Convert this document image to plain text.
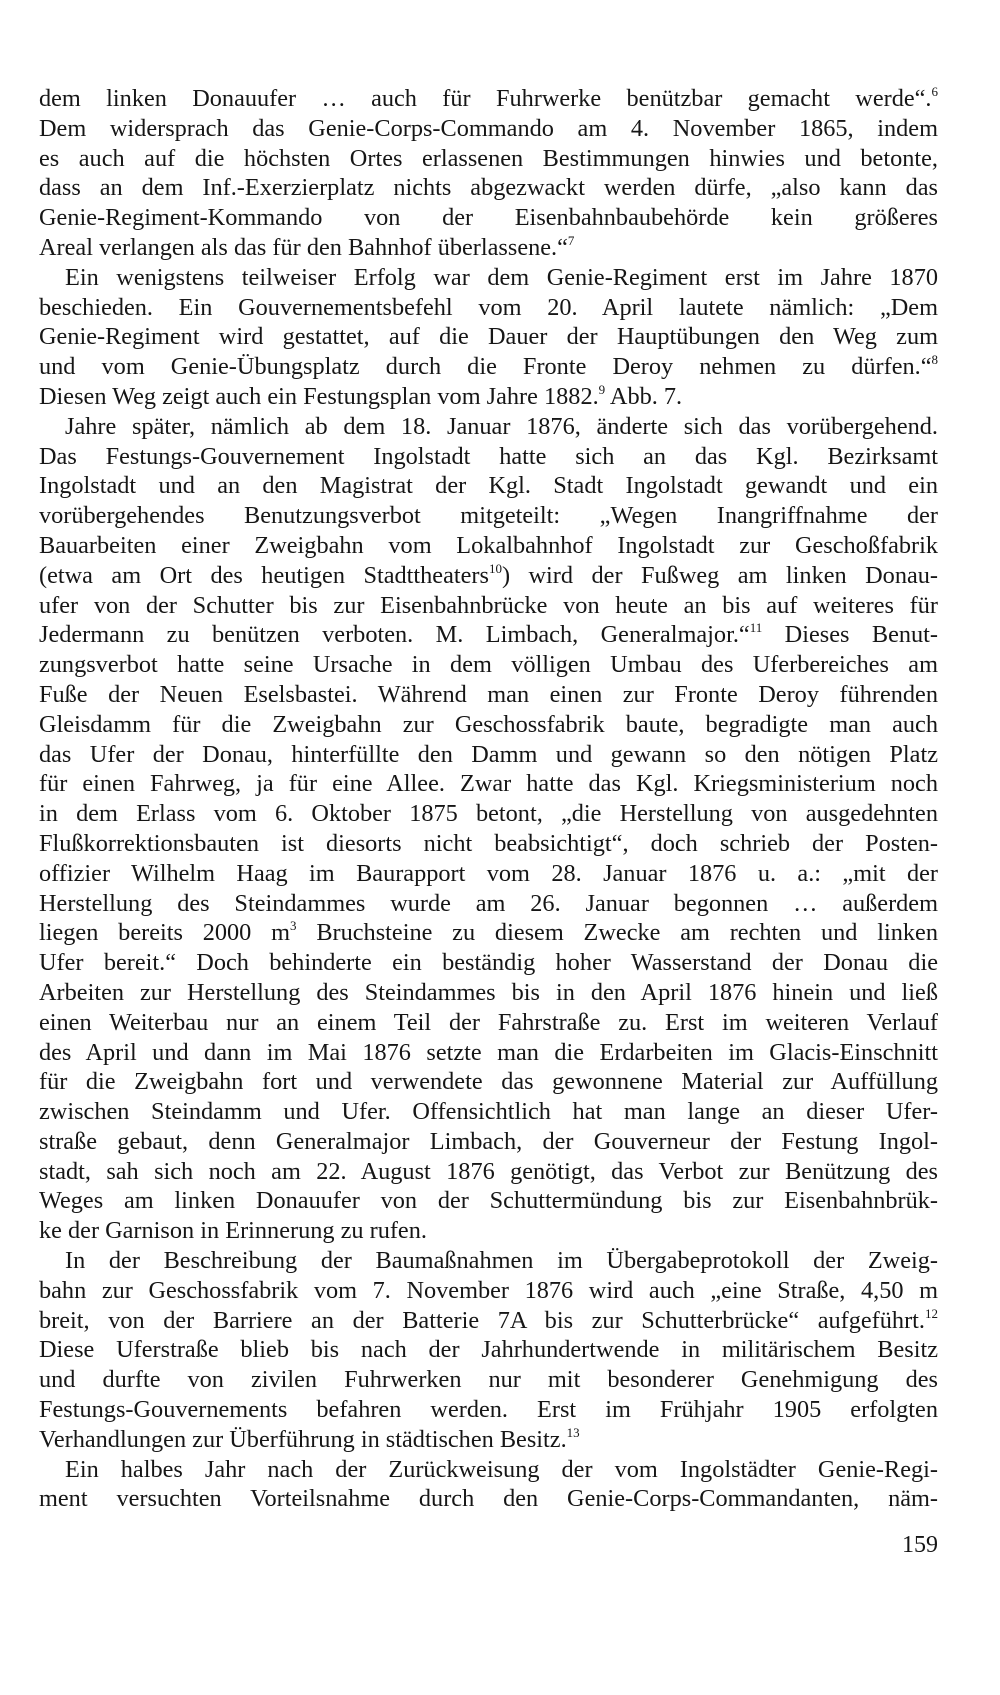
dem linken Donauufer … auch für Fuhrwerke benützbar gemacht werde“.$^6$
Dem widersprach das Genie-Corps-Commando am 4. November 1865, indem
es auch auf die höchsten Ortes erlassenen Bestimmungen hinwies und betonte,
dass an dem Inf.-Exerzierplatz nichts abgezwackt werden dürfe, „also kann das
Genie-Regiment-Kommando von der Eisenbahnbaubehörde kein größeres
Areal verlangen als das für den Bahnhof überlassene.“$^7$
Ein wenigstens teilweiser Erfolg war dem Genie-Regiment erst im Jahre 1870
beschieden. Ein Gouvernementsbefehl vom 20. April lautete nämlich: „Dem
Genie-Regiment wird gestattet, auf die Dauer der Hauptübungen den Weg zum
und vom Genie-Übungsplatz durch die Fronte Deroy nehmen zu dürfen.“$^8$
Diesen Weg zeigt auch ein Festungsplan vom Jahre 1882.$^9$ Abb. 7.
Jahre später, nämlich ab dem 18. Januar 1876, änderte sich das vorübergehend.
Das Festungs-Gouvernement Ingolstadt hatte sich an das Kgl. Bezirksamt
Ingolstadt und an den Magistrat der Kgl. Stadt Ingolstadt gewandt und ein
vorübergehendes Benutzungsverbot mitgeteilt: „Wegen Inangriffnahme der
Bauarbeiten einer Zweigbahn vom Lokalbahnhof Ingolstadt zur Geschoßfabrik
(etwa am Ort des heutigen Stadttheaters$^{10}$) wird der Fußweg am linken Donau-
ufer von der Schutter bis zur Eisenbahnbrücke von heute an bis auf weiteres für
Jedermann zu benützen verboten. M. Limbach, Generalmajor.“$^{11}$ Dieses Benut-
zungsverbot hatte seine Ursache in dem völligen Umbau des Uferbereiches am
Fuße der Neuen Eselsbastei. Während man einen zur Fronte Deroy führenden
Gleisdamm für die Zweigbahn zur Geschossfabrik baute, begradigte man auch
das Ufer der Donau, hinterfüllte den Damm und gewann so den nötigen Platz
für einen Fahrweg, ja für eine Allee. Zwar hatte das Kgl. Kriegsministerium noch
in dem Erlass vom 6. Oktober 1875 betont, „die Herstellung von ausgedehnten
Flußkorrektionsbauten ist diesorts nicht beabsichtigt“, doch schrieb der Posten-
offizier Wilhelm Haag im Baurapport vom 28. Januar 1876 u. a.: „mit der
Herstellung des Steindammes wurde am 26. Januar begonnen … außerdem
liegen bereits 2000 m$^3$ Bruchsteine zu diesem Zwecke am rechten und linken
Ufer bereit.“ Doch behinderte ein beständig hoher Wasserstand der Donau die
Arbeiten zur Herstellung des Steindammes bis in den April 1876 hinein und ließ
einen Weiterbau nur an einem Teil der Fahrstraße zu. Erst im weiteren Verlauf
des April und dann im Mai 1876 setzte man die Erdarbeiten im Glacis-Einschnitt
für die Zweigbahn fort und verwendete das gewonnene Material zur Auffüllung
zwischen Steindamm und Ufer. Offensichtlich hat man lange an dieser Ufer-
straße gebaut, denn Generalmajor Limbach, der Gouverneur der Festung Ingol-
stadt, sah sich noch am 22. August 1876 genötigt, das Verbot zur Benützung des
Weges am linken Donauufer von der Schuttermündung bis zur Eisenbahnbrük-
ke der Garnison in Erinnerung zu rufen.
In der Beschreibung der Baumaßnahmen im Übergabeprotokoll der Zweig-
bahn zur Geschossfabrik vom 7. November 1876 wird auch „eine Straße, 4,50 m
breit, von der Barriere an der Batterie 7A bis zur Schutterbrücke“ aufgeführt.$^{12}$
Diese Uferstraße blieb bis nach der Jahrhundertwende in militärischem Besitz
und durfte von zivilen Fuhrwerken nur mit besonderer Genehmigung des
Festungs-Gouvernements befahren werden. Erst im Frühjahr 1905 erfolgten
Verhandlungen zur Überführung in städtischen Besitz.$^{13}$
Ein halbes Jahr nach der Zurückweisung der vom Ingolstädter Genie-Regi-
ment versuchten Vorteilsnahme durch den Genie-Corps-Commandanten, näm-
159
